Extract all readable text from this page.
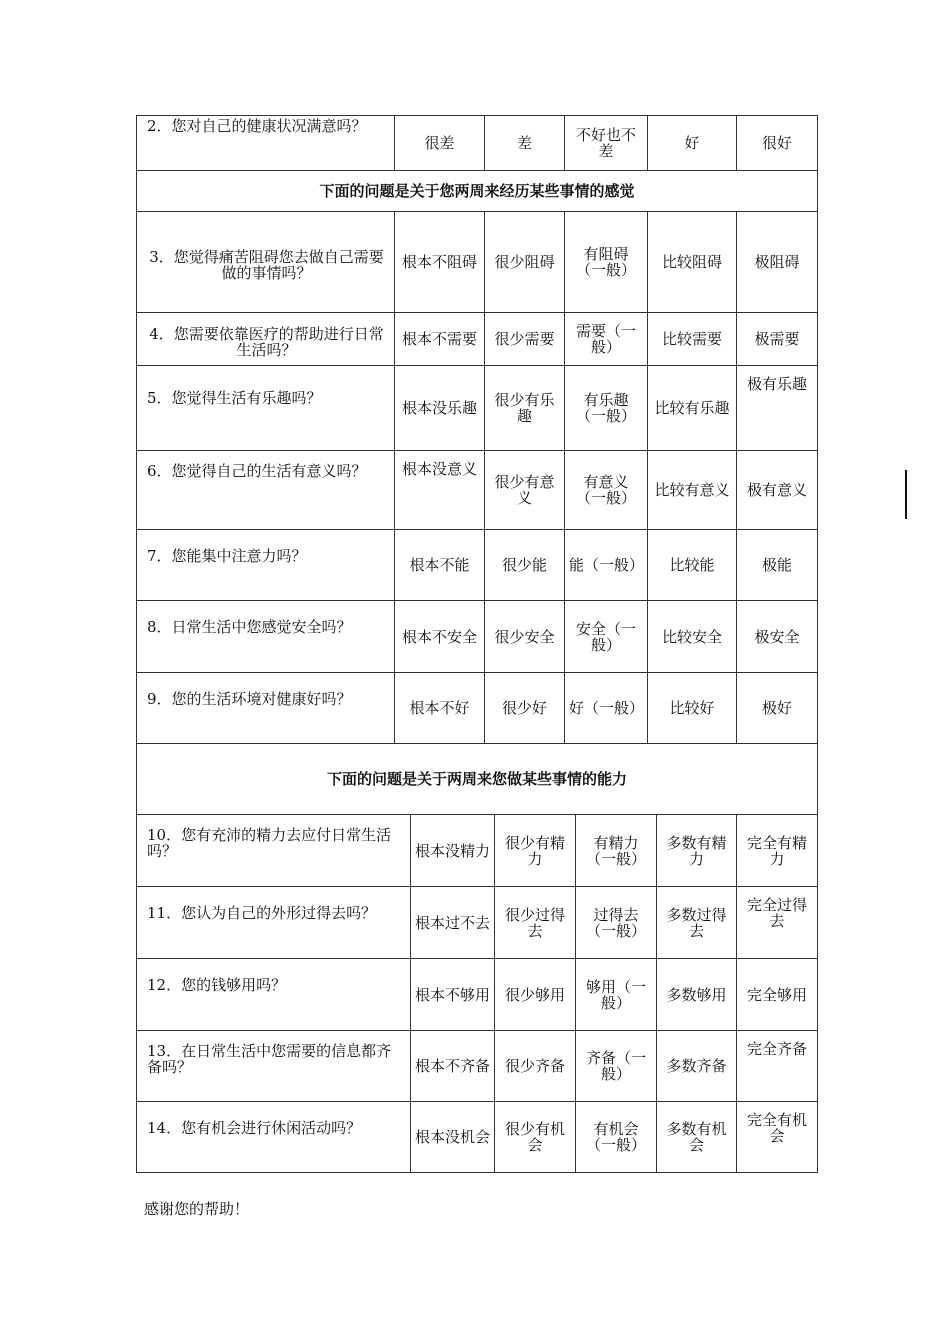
2．您对自己的健康状况满意吗？	很差	差	不好也不差	好	很好
下面的问题是关于您两周来经历某些事情的感觉					
3．您觉得痛苦阻碍您去做自己需要做的事情吗？	根本不阻碍	很少阻碍	有阻碍（一般）	比较阻碍	极阻碍
4．您需要依靠医疗的帮助进行日常生活吗？	根本不需要	很少需要	需要（一般）	比较需要	极需要
5．您觉得生活有乐趣吗？	根本没乐趣	很少有乐趣	有乐趣（一般）	比较有乐趣	极有乐趣
6．您觉得自己的生活有意义吗？	根本没意义	很少有意义	有意义（一般）	比较有意义	极有意义
7．您能集中注意力吗？	根本不能	很少能	能（一般）	比较能	极能
8．日常生活中您感觉安全吗？	根本不安全	很少安全	安全（一般）	比较安全	极安全
9．您的生活环境对健康好吗？	根本不好	很少好	好（一般）	比较好	极好
下面的问题是关于两周来您做某些事情的能力					
10．您有充沛的精力去应付日常生活吗？	根本没精力	很少有精力	有精力（一般）	多数有精力	完全有精力
11．您认为自己的外形过得去吗？	根本过不去	很少过得去	过得去（一般）	多数过得去	完全过得去
12．您的钱够用吗？	根本不够用	很少够用	够用（一般）	多数够用	完全够用
13．在日常生活中您需要的信息都齐备吗？	根本不齐备	很少齐备	齐备（一般）	多数齐备	完全齐备
14．您有机会进行休闲活动吗？	根本没机会	很少有机会	有机会（一般）	多数有机会	完全有机会
感谢您的帮助！
